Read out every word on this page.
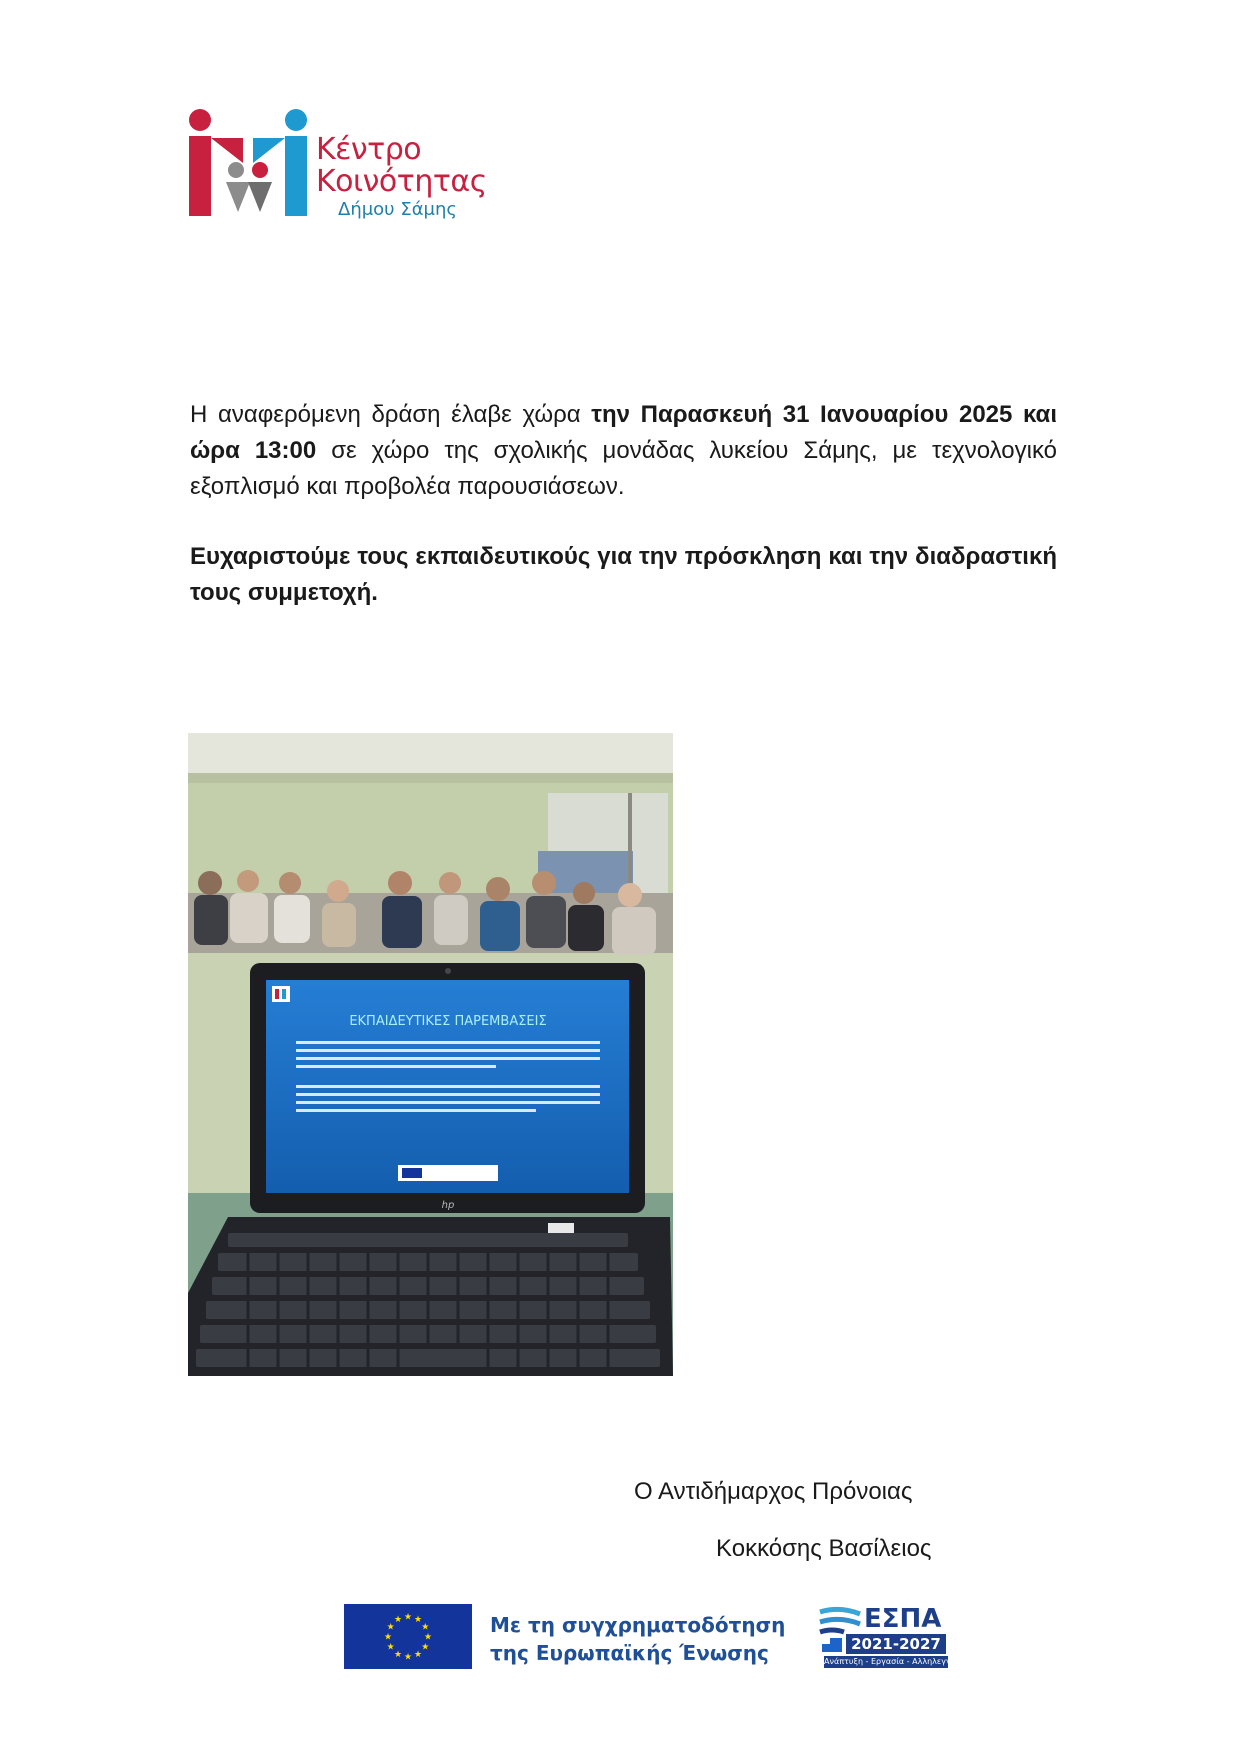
Κέντρο
Κοινότητας
Δήμου Σάμης

Η αναφερόμενη δράση έλαβε χώρα την Παρασκευή 31 Ιανουαρίου 2025 και ώρα 13:00 σε χώρο της σχολικής μονάδας λυκείου Σάμης, με τεχνολογικό εξοπλισμό και προβολέα παρουσιάσεων.

Ευχαριστούμε τους εκπαιδευτικούς για την πρόσκληση και την διαδραστική τους συμμετοχή.

ΕΚΠΑΙΔΕΥΤΙΚΕΣ ΠΑΡΕΜΒΑΣΕΙΣ
hp
Ο Αντιδήμαρχος Πρόνοιας
Κοκκόσης Βασίλειος
★ ★
★
★
★
★
★
★
★
★
★
★	Με τη συγχρηματοδότηση
της Ευρωπαϊκής Ένωσης
ΕΣΠΑ
2021-2027
Ανάπτυξη - Εργασία - Αλληλεγγύη
